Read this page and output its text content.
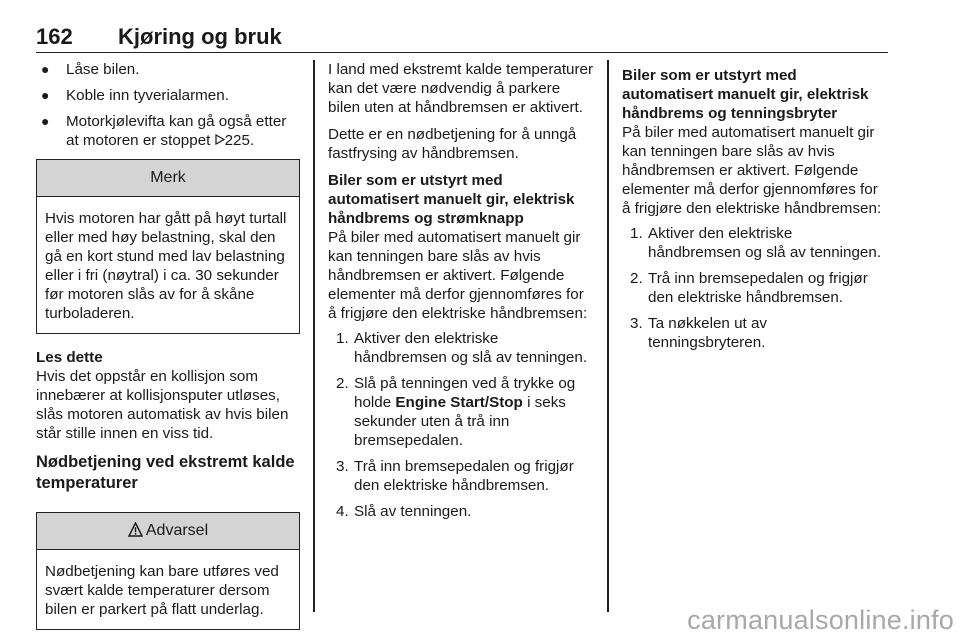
162 Kjøring og bruk
● Låse bilen.
● Koble inn tyverialarmen.
● Motorkjølevifta kan gå også etter at motoren er stoppet 225.
Merk
Hvis motoren har gått på høyt turtall eller med høy belastning, skal den gå en kort stund med lav belastning eller i fri (nøytral) i ca. 30 sekunder før motoren slås av for å skåne turboladeren.
Les dette
Hvis det oppstår en kollisjon som innebærer at kollisjonsputer utløses, slås motoren automatisk av hvis bilen står stille innen en viss tid.
Nødbetjening ved ekstremt kalde temperaturer
Advarsel
Nødbetjening kan bare utføres ved svært kalde temperaturer dersom bilen er parkert på flatt underlag.

I land med ekstremt kalde temperaturer kan det være nødvendig å parkere bilen uten at håndbremsen er aktivert.

Dette er en nødbetjening for å unngå fastfrysing av håndbremsen.

Biler som er utstyrt med automatisert manuelt gir, elektrisk håndbrems og strømknapp
På biler med automatisert manuelt gir kan tenningen bare slås av hvis håndbremsen er aktivert. Følgende elementer må derfor gjennomføres for å frigjøre den elektriske håndbremsen:
1. Aktiver den elektriske håndbremsen og slå av tenningen.
2. Slå på tenningen ved å trykke og holde Engine Start/Stop i seks sekunder uten å trå inn bremsepedalen.
3. Trå inn bremsepedalen og frigjør den elektriske håndbremsen.
4. Slå av tenningen.
Biler som er utstyrt med automatisert manuelt gir, elektrisk håndbrems og tenningsbryter
På biler med automatisert manuelt gir kan tenningen bare slås av hvis håndbremsen er aktivert. Følgende elementer må derfor gjennomføres for å frigjøre den elektriske håndbremsen:
1. Aktiver den elektriske håndbremsen og slå av tenningen.
2. Trå inn bremsepedalen og frigjør den elektriske håndbremsen.
3. Ta nøkkelen ut av tenningsbryteren.
carmanualsonline.info
